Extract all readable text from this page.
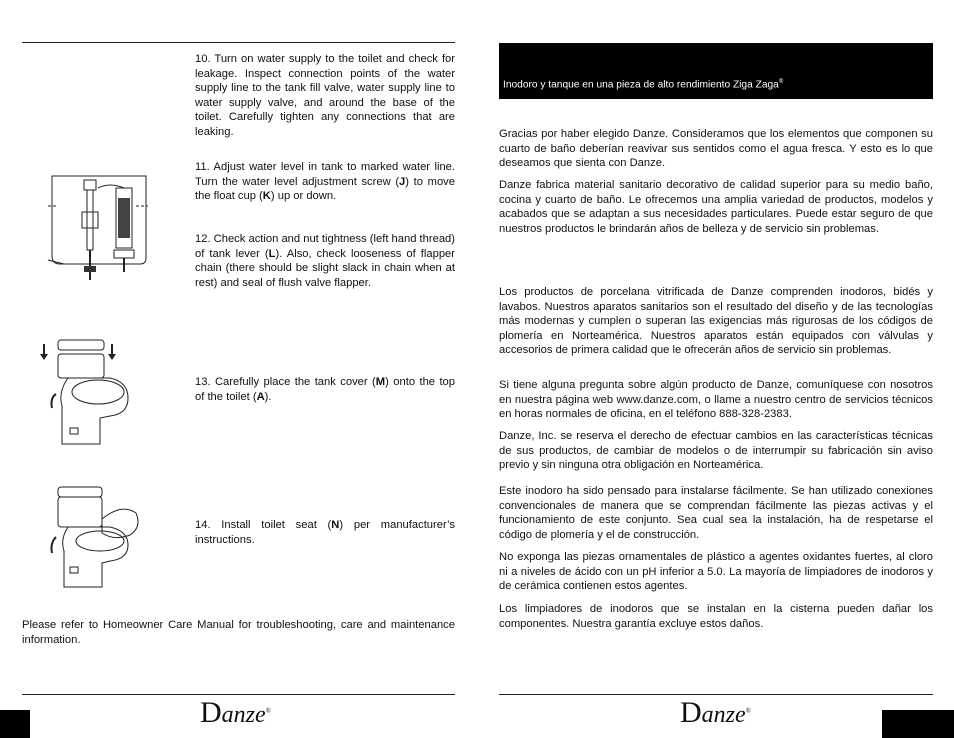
10. Turn on water supply to the toilet and check for leakage. Inspect connection points of the water supply line to the tank fill valve, water supply line to water supply valve, and around the base of the toilet. Carefully tighten any connections that are leaking.
11. Adjust water level in tank to marked water line. Turn the water level adjustment screw (J) to move the float cup (K) up or down.
12. Check action and nut tightness (left hand thread) of tank lever (L). Also, check looseness of flapper chain (there should be slight slack in chain when at rest) and seal of flush valve flapper.
13. Carefully place the tank cover (M) onto the top of the toilet (A).
14. Install toilet seat (N) per manufacturer’s instructions.
Please refer to Homeowner Care Manual for troubleshooting, care and maintenance information.
Danze®
Inodoro y tanque en una pieza de alto rendimiento Ziga Zaga®
Gracias por haber elegido Danze. Consideramos que los elementos que componen su cuarto de baño deberían reavivar sus sentidos como el agua fresca. Y esto es lo que deseamos que sienta con Danze.
Danze fabrica material sanitario decorativo de calidad superior para su medio baño, cocina y cuarto de baño. Le ofrecemos una amplia variedad de productos, modelos y acabados que se adaptan a sus necesidades particulares. Puede estar seguro de que nuestros productos le brindarán años de belleza y de servicio sin problemas.
Los productos de porcelana vitrificada de Danze comprenden inodoros, bidés y lavabos. Nuestros aparatos sanitarios son el resultado del diseño y de las tecnologías más modernas y cumplen o superan las exigencias más rigurosas de los códigos de plomería en Norteamérica. Nuestros aparatos están equipados con válvulas y accesorios de primera calidad que le ofrecerán años de servicio sin problemas.
Si tiene alguna pregunta sobre algún producto de Danze, comuníquese con nosotros en nuestra página web www.danze.com, o llame a nuestro centro de servicios técnicos en horas normales de oficina, en el teléfono 888-328-2383.
Danze, Inc. se reserva el derecho de efectuar cambios en las características técnicas de sus productos, de cambiar de modelos o de interrumpir su fabricación sin aviso previo y sin ninguna otra obligación en Norteamérica.
Este inodoro ha sido pensado para instalarse fácilmente. Se han utilizado conexiones convencionales de manera que se comprendan fácilmente las piezas activas y el funcionamiento de este conjunto. Sea cual sea la instalación, ha de respetarse el código de plomería y el de construcción.
No exponga las piezas ornamentales de plástico a agentes oxidantes fuertes, al cloro ni a niveles de ácido con un pH inferior a 5.0. La mayoría de limpiadores de inodoros y de cerámica contienen estos agentes.
Los limpiadores de inodoros que se instalan en la cisterna pueden dañar los componentes. Nuestra garantía excluye estos daños.
Danze®
